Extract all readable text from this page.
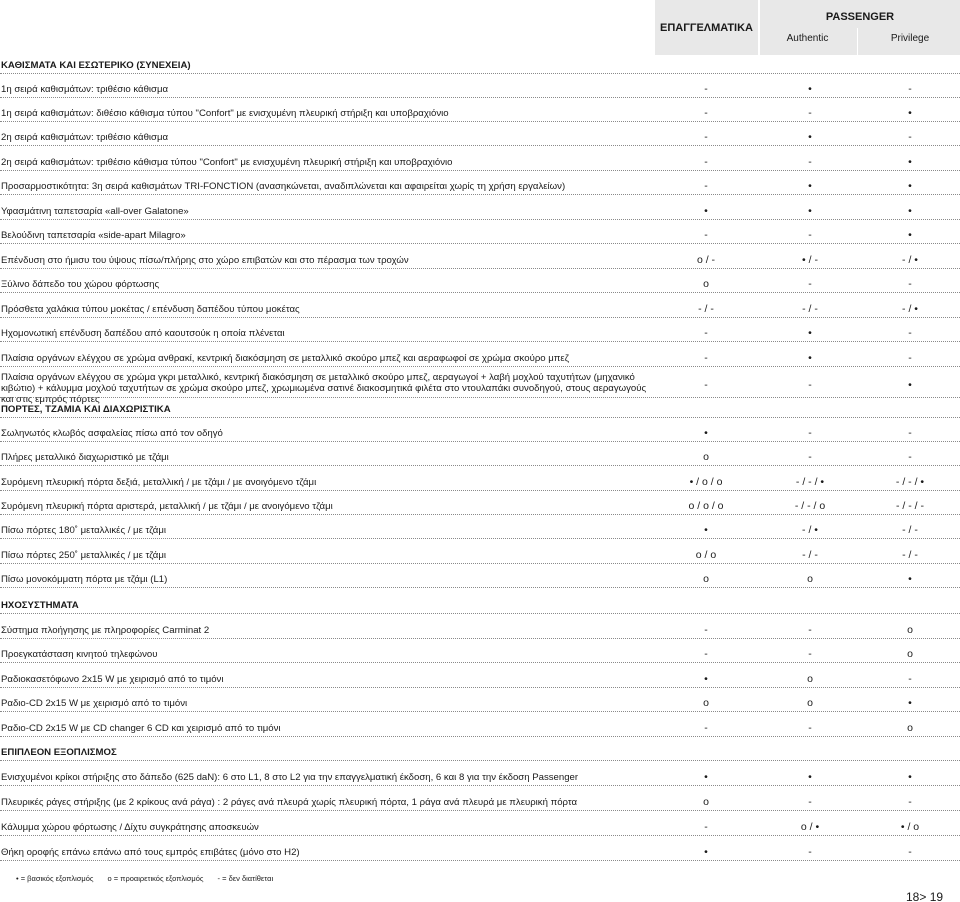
ΕΠΑΓΓΕΛΜΑΤΙΚΑ
PASSENGER
Authentic	Privilege
ΚΑΘΙΣΜΑΤΑ ΚΑΙ ΕΣΩΤΕΡΙΚΟ (ΣΥΝΕΧΕΙΑ)
1η σειρά καθισμάτων: τριθέσιο κάθισμα	-	•	-
1η σειρά καθισμάτων: διθέσιο κάθισμα τύπου "Confort" με ενισχυμένη πλευρική στήριξη και υποβραχιόνιο	-	-	•
2η σειρά καθισμάτων: τριθέσιο κάθισμα	-	•	-
2η σειρά καθισμάτων: τριθέσιο κάθισμα τύπου "Confort" με ενισχυμένη πλευρική στήριξη και υποβραχιόνιο	-	-	•
Προσαρμοστικότητα: 3η σειρά καθισμάτων TRI-FONCTION (ανασηκώνεται, αναδιπλώνεται και αφαιρείται χωρίς τη χρήση εργαλείων)	-	•	•
Υφασμάτινη ταπετσαρία «all-over Galatone»	•	•	•
Βελούδινη ταπετσαρία «side-apart Milagro»	-	-	•
Επένδυση στο ήμισυ του ύψους πίσω/πλήρης στο χώρο επιβατών και στο πέρασμα των τροχών	o / -	• / -	- / •
Ξύλινο δάπεδο του χώρου φόρτωσης	o	-	-
Πρόσθετα χαλάκια τύπου μοκέτας / επένδυση δαπέδου τύπου μοκέτας	- / -	- / -	- / •
Ηχομονωτική επένδυση δαπέδου από καουτσούκ η οποία πλένεται	-	•	-
Πλαίσια οργάνων ελέγχου σε χρώμα ανθρακί, κεντρική διακόσμηση σε μεταλλικό σκούρο μπεζ και αεραφωφοί σε χρώμα σκούρο μπεζ	-	•	-
Πλαίσια οργάνων ελέγχου σε χρώμα γκρι μεταλλικό, κεντρική διακόσμηση σε μεταλλικό σκούρο μπεζ, αεραγωγοί + λαβή μοχλού ταχυτήτων (μηχανικό κιβώτιο) + κάλυμμα μοχλού ταχυτήτων σε χρώμα σκούρο μπεζ, χρωμιωμένα σατινέ διακοσμητικά φιλέτα στο ντουλαπάκι συνοδηγού, στους αεραγωγούς και στις εμπρός πόρτες
-	-	•
ΠΟΡΤΕΣ, ΤΖΑΜΙΑ ΚΑΙ ΔΙΑΧΩΡΙΣΤΙΚΑ
Σωληνωτός κλωβός ασφαλείας πίσω από τον οδηγό	•	-	-
Πλήρες μεταλλικό διαχωριστικό με τζάμι	o	-	-
Συρόμενη πλευρική πόρτα δεξιά, μεταλλική / με τζάμι / με ανοιγόμενο τζάμι	• / o / o	- / - / •	- / - / •
Συρόμενη πλευρική πόρτα αριστερά, μεταλλική / με τζάμι / με ανοιγόμενο τζάμι	o / o / o	- / - / o	- / - / -
Πίσω πόρτες 180˚ μεταλλικές / με τζάμι	•	- / •	- / -
Πίσω πόρτες 250˚ μεταλλικές / με τζάμι	o / o	- / -	- / -
Πίσω μονοκόμματη πόρτα με τζάμι (L1)	o	o	•
ΗΧΟΣΥΣΤΗΜΑΤΑ
Σύστημα πλοήγησης με πληροφορίες Carminat 2	-	-	o
Προεγκατάσταση κινητού τηλεφώνου	-	-	o
Ραδιοκασετόφωνο 2x15 W με χειρισμό από το τιμόνι	•	o	-
Ραδιο-CD 2x15 W με χειρισμό από το τιμόνι	o	o	•
Ραδιο-CD 2x15 W με CD changer 6 CD και χειρισμό από το τιμόνι	-	-	o
ΕΠΙΠΛΕΟΝ ΕΞΟΠΛΙΣΜΟΣ
Ενισχυμένοι κρίκοι στήριξης στο δάπεδο (625 daN): 6 στο L1, 8 στο L2 για την επαγγελματική έκδοση, 6 και 8 για την έκδοση Passenger	•	•	•
Πλευρικές ράγες στήριξης (με 2 κρίκους ανά ράγα) : 2 ράγες ανά πλευρά χωρίς πλευρική πόρτα, 1 ράγα ανά πλευρά με πλευρική πόρτα	o	-	-
Κάλυμμα χώρου φόρτωσης / Δίχτυ συγκράτησης αποσκευών	-	o / •	• / o
Θήκη οροφής επάνω επάνω από τους εμπρός επιβάτες (μόνο στο H2)	•	-	-
• = βασικός εξοπλισμός o = προαιρετικός εξοπλισμός - = δεν διατίθεται
18> 19
